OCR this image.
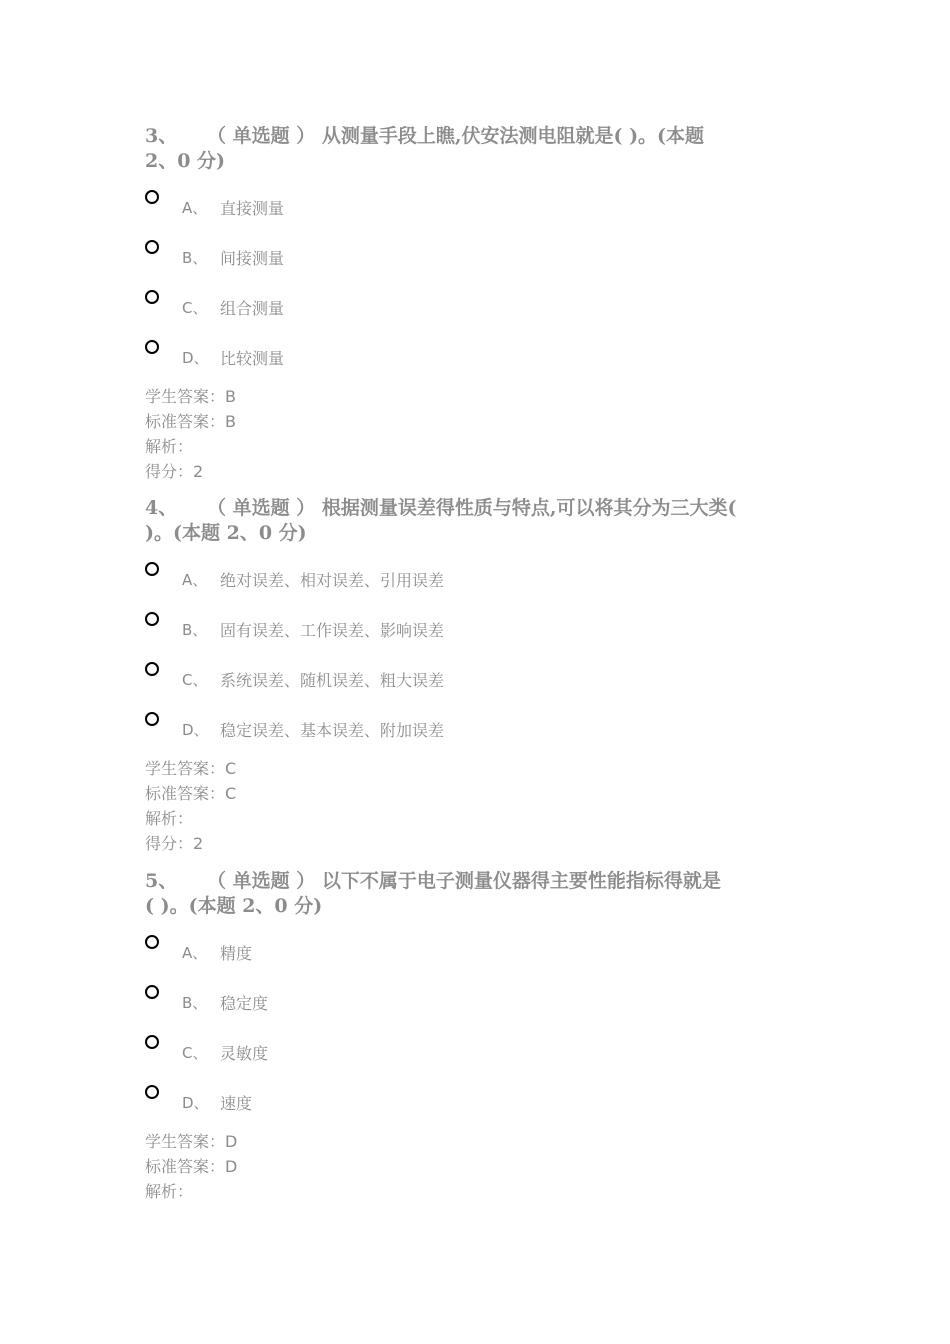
3、 （ 单选题 ） 从测量手段上瞧,伏安法测电阻就是( )。(本题
2、0 分)
A、 直接测量
B、 间接测量
C、 组合测量
D、 比较测量
学生答案：B
标准答案：B
解析：
得分：2
4、 （ 单选题 ） 根据测量误差得性质与特点,可以将其分为三大类(
)。(本题 2、0 分)
A、 绝对误差、相对误差、引用误差
B、 固有误差、工作误差、影响误差
C、 系统误差、随机误差、粗大误差
D、 稳定误差、基本误差、附加误差
学生答案：C
标准答案：C
解析：
得分：2
5、 （ 单选题 ） 以下不属于电子测量仪器得主要性能指标得就是
( )。(本题 2、0 分)
A、 精度
B、 稳定度
C、 灵敏度
D、 速度
学生答案：D
标准答案：D
解析：
